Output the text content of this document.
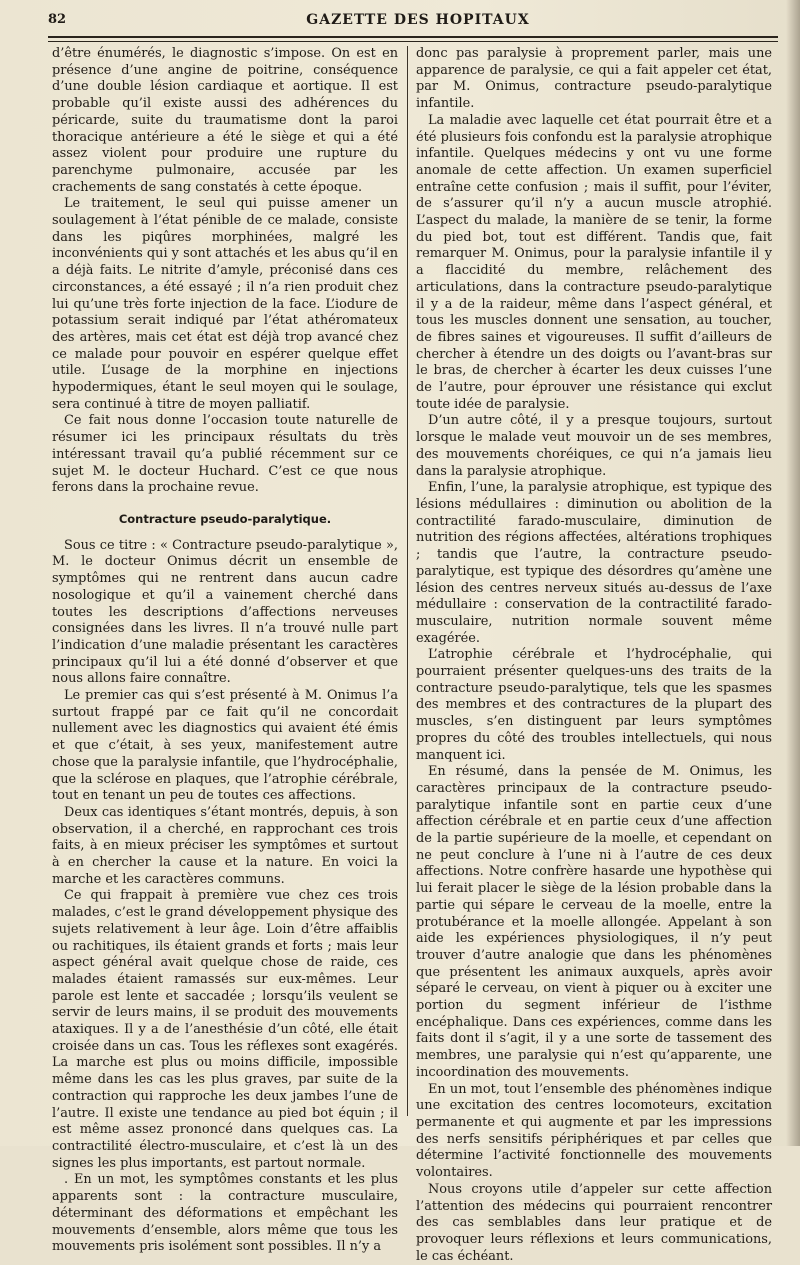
82	GAZETTE DES HOPITAUX

d’être énumérés, le diagnostic s’impose. On est en présence d’une angine de poitrine, conséquence d’une double lésion cardiaque et aortique. Il est probable qu’il existe aussi des adhérences du péricarde, suite du traumatisme dont la paroi thoracique antérieure a été le siège et qui a été assez violent pour produire une rupture du parenchyme pulmonaire, accusée par les crachements de sang constatés à cette époque.

Le traitement, le seul qui puisse amener un soulagement à l’état pénible de ce malade, consiste dans les piqûres morphinées, malgré les inconvénients qui y sont attachés et les abus qu’il en a déjà faits. Le nitrite d’amyle, préconisé dans ces circonstances, a été essayé ; il n’a rien produit chez lui qu’une très forte injection de la face. L’iodure de potassium serait indiqué par l’état athéromateux des artères, mais cet état est déjà trop avancé chez ce malade pour pouvoir en espérer quelque effet utile. L’usage de la morphine en injections hypodermiques, étant le seul moyen qui le soulage, sera continué à titre de moyen palliatif.

Ce fait nous donne l’occasion toute naturelle de résumer ici les principaux résultats du très intéressant travail qu’a publié récemment sur ce sujet M. le docteur Huchard. C’est ce que nous ferons dans la prochaine revue.

Contracture pseudo-paralytique.

Sous ce titre : « Contracture pseudo-paralytique », M. le docteur Onimus décrit un ensemble de symptômes qui ne rentrent dans aucun cadre nosologique et qu’il a vainement cherché dans toutes les descriptions d’affections nerveuses consignées dans les livres. Il n’a trouvé nulle part l’indication d’une maladie présentant les caractères principaux qu’il lui a été donné d’observer et que nous allons faire connaître.

Le premier cas qui s’est présenté à M. Onimus l’a surtout frappé par ce fait qu’il ne concordait nullement avec les diagnostics qui avaient été émis et que c’était, à ses yeux, manifestement autre chose que la paralysie infantile, que l’hydrocéphalie, que la sclérose en plaques, que l’atrophie cérébrale, tout en tenant un peu de toutes ces affections.

Deux cas identiques s’étant montrés, depuis, à son observation, il a cherché, en rapprochant ces trois faits, à en mieux préciser les symptômes et surtout à en chercher la cause et la nature. En voici la marche et les caractères communs.

Ce qui frappait à première vue chez ces trois malades, c’est le grand développement physique des sujets relativement à leur âge. Loin d’être affaiblis ou rachitiques, ils étaient grands et forts ; mais leur aspect général avait quelque chose de raide, ces malades étaient ramassés sur eux-mêmes. Leur parole est lente et saccadée ; lorsqu’ils veulent se servir de leurs mains, il se produit des mouvements ataxiques. Il y a de l’anesthésie d’un côté, elle était croisée dans un cas. Tous les réflexes sont exagérés. La marche est plus ou moins difficile, impossible même dans les cas les plus graves, par suite de la contraction qui rapproche les deux jambes l’une de l’autre. Il existe une tendance au pied bot équin ; il est même assez prononcé dans quelques cas. La contractilité électro-musculaire, et c’est là un des signes les plus importants, est partout normale.

. En un mot, les symptômes constants et les plus apparents sont : la contracture musculaire, déterminant des déformations et empêchant les mouvements d’ensemble, alors même que tous les mouvements pris isolément sont possibles. Il n’y a

donc pas paralysie à proprement parler, mais une apparence de paralysie, ce qui a fait appeler cet état, par M. Onimus, contracture pseudo-paralytique infantile.

La maladie avec laquelle cet état pourrait être et a été plusieurs fois confondu est la paralysie atrophique infantile. Quelques médecins y ont vu une forme anomale de cette affection. Un examen superficiel entraîne cette confusion ; mais il suffit, pour l’éviter, de s’assurer qu’il n’y a aucun muscle atrophié. L’aspect du malade, la manière de se tenir, la forme du pied bot, tout est différent. Tandis que, fait remarquer M. Onimus, pour la paralysie infantile il y a flaccidité du membre, relâchement des articulations, dans la contracture pseudo-paralytique il y a de la raideur, même dans l’aspect général, et tous les muscles donnent une sensation, au toucher, de fibres saines et vigoureuses. Il suffit d’ailleurs de chercher à étendre un des doigts ou l’avant-bras sur le bras, de chercher à écarter les deux cuisses l’une de l’autre, pour éprouver une résistance qui exclut toute idée de paralysie.

D’un autre côté, il y a presque toujours, surtout lorsque le malade veut mouvoir un de ses membres, des mouvements choréiques, ce qui n’a jamais lieu dans la paralysie atrophique.

Enfin, l’une, la paralysie atrophique, est typique des lésions médullaires : diminution ou abolition de la contractilité farado-musculaire, diminution de nutrition des régions affectées, altérations trophiques ; tandis que l’autre, la contracture pseudo-paralytique, est typique des désordres qu’amène une lésion des centres nerveux situés au-dessus de l’axe médullaire : conservation de la contractilité farado-musculaire, nutrition normale souvent même exagérée.

L’atrophie cérébrale et l’hydrocéphalie, qui pourraient présenter quelques-uns des traits de la contracture pseudo-paralytique, tels que les spasmes des membres et des contractures de la plupart des muscles, s’en distinguent par leurs symptômes propres du côté des troubles intellectuels, qui nous manquent ici.

En résumé, dans la pensée de M. Onimus, les caractères principaux de la contracture pseudo-paralytique infantile sont en partie ceux d’une affection cérébrale et en partie ceux d’une affection de la partie supérieure de la moelle, et cependant on ne peut conclure à l’une ni à l’autre de ces deux affections. Notre confrère hasarde une hypothèse qui lui ferait placer le siège de la lésion probable dans la partie qui sépare le cerveau de la moelle, entre la protubérance et la moelle allongée. Appelant à son aide les expériences physiologiques, il n’y peut trouver d’autre analogie que dans les phénomènes que présentent les animaux auxquels, après avoir séparé le cerveau, on vient à piquer ou à exciter une portion du segment inférieur de l’isthme encéphalique. Dans ces expériences, comme dans les faits dont il s’agit, il y a une sorte de tassement des membres, une paralysie qui n’est qu’apparente, une incoordination des mouvements.

En un mot, tout l’ensemble des phénomènes indique une excitation des centres locomoteurs, excitation permanente et qui augmente et par les impressions des nerfs sensitifs périphériques et par celles que détermine l’activité fonctionnelle des mouvements volontaires.

Nous croyons utile d’appeler sur cette affection l’attention des médecins qui pourraient rencontrer des cas semblables dans leur pratique et de provoquer leurs réflexions et leurs communications, le cas échéant.
